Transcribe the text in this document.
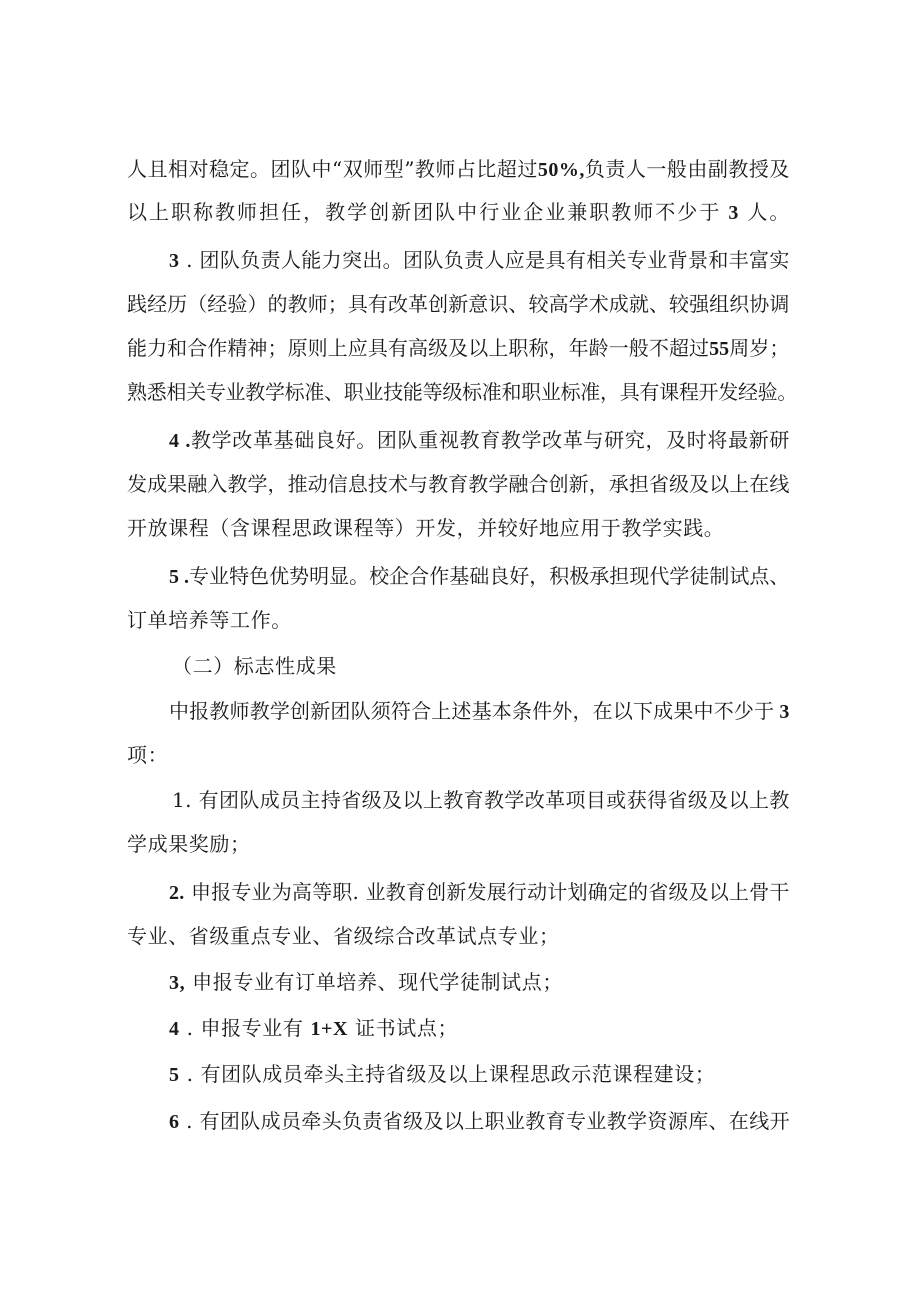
人且相对稳定。团队中“双师型”教师占比超过50%,负责人一般由副教授及
以上职称教师担任，教学创新团队中行业企业兼职教师不少于 3 人。
3 . 团队负责人能力突出。团队负责人应是具有相关专业背景和丰富实
践经历（经验）的教师；具有改革创新意识、较高学术成就、较强组织协调
能力和合作精神；原则上应具有高级及以上职称，年龄一般不超过55周岁；
熟悉相关专业教学标准、职业技能等级标准和职业标准，具有课程开发经验。
4 .教学改革基础良好。团队重视教育教学改革与研究，及时将最新研
发成果融入教学，推动信息技术与教育教学融合创新，承担省级及以上在线
开放课程（含课程思政课程等）开发，并较好地应用于教学实践。
5 .专业特色优势明显。校企合作基础良好，积极承担现代学徒制试点、
订单培养等工作。
（二）标志性成果
中报教师教学创新团队须符合上述基本条件外，在以下成果中不少于 3
项：
1. 有团队成员主持省级及以上教育教学改革项目或获得省级及以上教
学成果奖励；
2. 申报专业为高等职. 业教育创新发展行动计划确定的省级及以上骨干
专业、省级重点专业、省级综合改革试点专业；
3, 申报专业有订单培养、现代学徒制试点；
4 . 申报专业有 1+X 证书试点；
5 . 有团队成员牵头主持省级及以上课程思政示范课程建设；
6 . 有团队成员牵头负责省级及以上职业教育专业教学资源库、在线开
